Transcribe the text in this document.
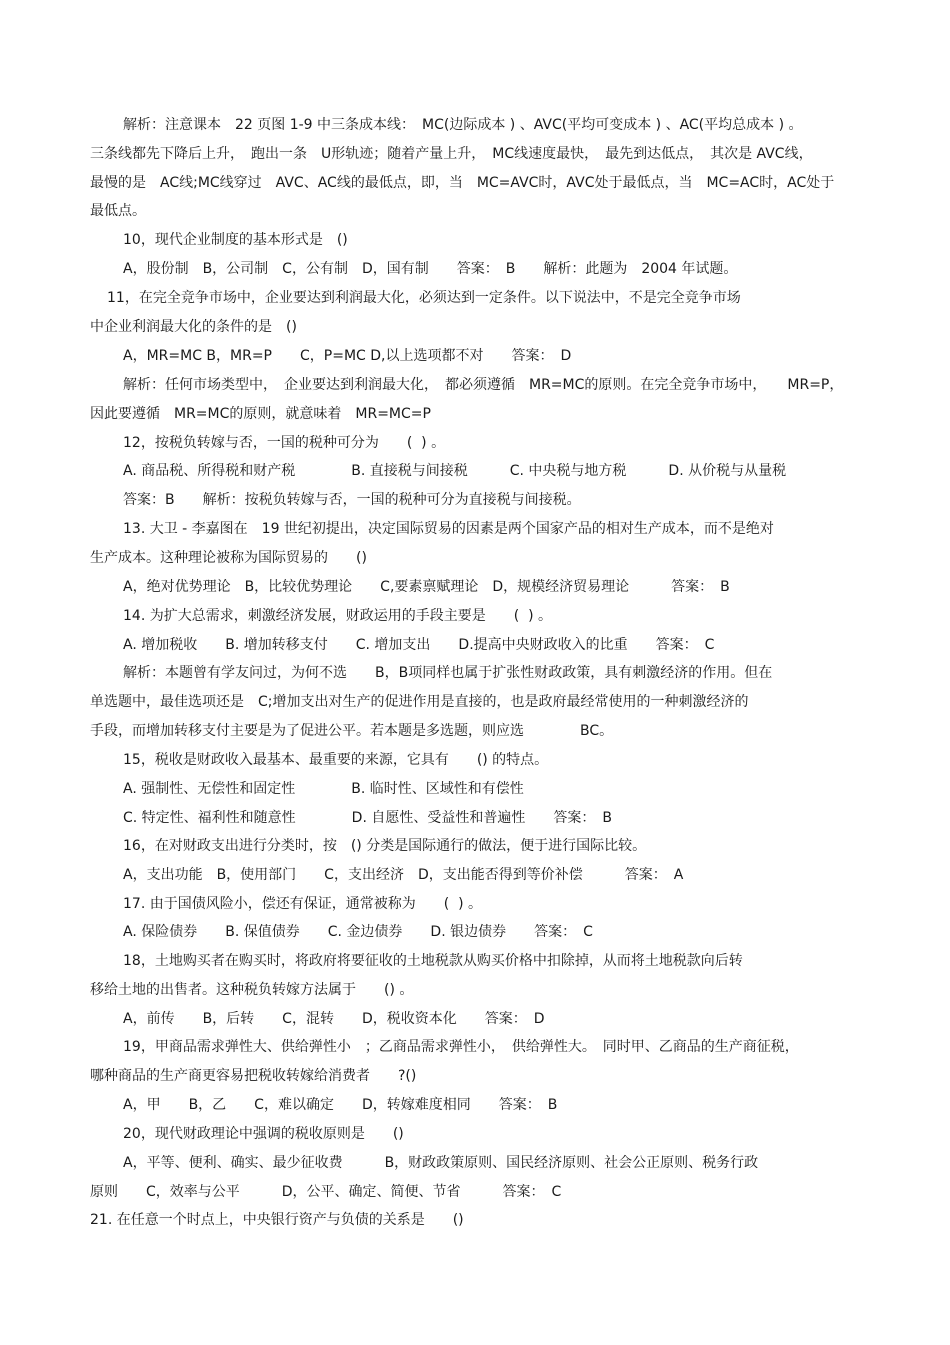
解析：注意课本　22 页图 1-9 中三条成本线：　MC(边际成本 ) 、AVC(平均可变成本 ) 、AC(平均总成本 ) 。
三条线都先下降后上升，　跑出一条　U形轨迹；随着产量上升，　MC线速度最快，　最先到达低点，　其次是 AVC线，
最慢的是　AC线;MC线穿过　AVC、AC线的最低点，即，当　MC=AVC时，AVC处于最低点，当　MC=AC时，AC处于
最低点。
10，现代企业制度的基本形式是　()
A，股份制　B，公司制　C，公有制　D，国有制　　答案：　B　　解析：此题为　2004 年试题。
11，在完全竞争市场中，企业要达到利润最大化，必须达到一定条件。以下说法中，不是完全竞争市场
中企业利润最大化的条件的是　()
A，MR=MC B，MR=P　　C，P=MC D,以上选项都不对　　答案：　D
解析：任何市场类型中，　企业要达到利润最大化，　都必须遵循　MR=MC的原则。在完全竞争市场中，　　MR=P，
因此要遵循　MR=MC的原则，就意味着　MR=MC=P
12，按税负转嫁与否，一国的税种可分为　　(  ) 。
A. 商品税、所得税和财产税　　　　B. 直接税与间接税　　　C. 中央税与地方税　　　D. 从价税与从量税
答案：B　　解析：按税负转嫁与否，一国的税种可分为直接税与间接税。
13. 大卫 - 李嘉图在　19 世纪初提出，决定国际贸易的因素是两个国家产品的相对生产成本，而不是绝对
生产成本。这种理论被称为国际贸易的　　()
A，绝对优势理论　B，比较优势理论　　C,要素禀赋理论　D，规模经济贸易理论　　　答案：　B
14. 为扩大总需求，刺激经济发展，财政运用的手段主要是　　(  ) 。
A. 增加税收　　B. 增加转移支付　　C. 增加支出　　D.提高中央财政收入的比重　　答案：　C
解析：本题曾有学友问过，为何不选　　B，B项同样也属于扩张性财政政策，具有刺激经济的作用。但在
单选题中，最佳选项还是　C;增加支出对生产的促进作用是直接的，也是政府最经常使用的一种刺激经济的
手段，而增加转移支付主要是为了促进公平。若本题是多选题，则应选　　　　BC。
15，税收是财政收入最基本、最重要的来源，它具有　　() 的特点。
A. 强制性、无偿性和固定性　　　　B. 临时性、区域性和有偿性
C. 特定性、福利性和随意性　　　　D. 自愿性、受益性和普遍性　　答案：　B
16，在对财政支出进行分类时，按　() 分类是国际通行的做法，便于进行国际比较。
A，支出功能　B，使用部门　　C，支出经济　D，支出能否得到等价补偿　　　答案：　A
17. 由于国债风险小，偿还有保证，通常被称为　　(  ) 。
A. 保险债券　　B. 保值债券　　C. 金边债券　　D. 银边债券　　答案：　C
18，土地购买者在购买时，将政府将要征收的土地税款从购买价格中扣除掉，从而将土地税款向后转
移给土地的出售者。这种税负转嫁方法属于　　() 。
A，前传　　B，后转　　C，混转　　D，税收资本化　　答案：　D
19，甲商品需求弹性大、供给弹性小　；乙商品需求弹性小，　供给弹性大。　同时甲、乙商品的生产商征税，
哪种商品的生产商更容易把税收转嫁给消费者　　?()
A，甲　　B，乙　　C，难以确定　　D，转嫁难度相同　　答案：　B
20，现代财政理论中强调的税收原则是　　()
A，平等、便利、确实、最少征收费　　　B，财政政策原则、国民经济原则、社会公正原则、税务行政
原则　　C，效率与公平　　　D，公平、确定、简便、节省　　　答案：　C
21. 在任意一个时点上，中央银行资产与负债的关系是　　()
